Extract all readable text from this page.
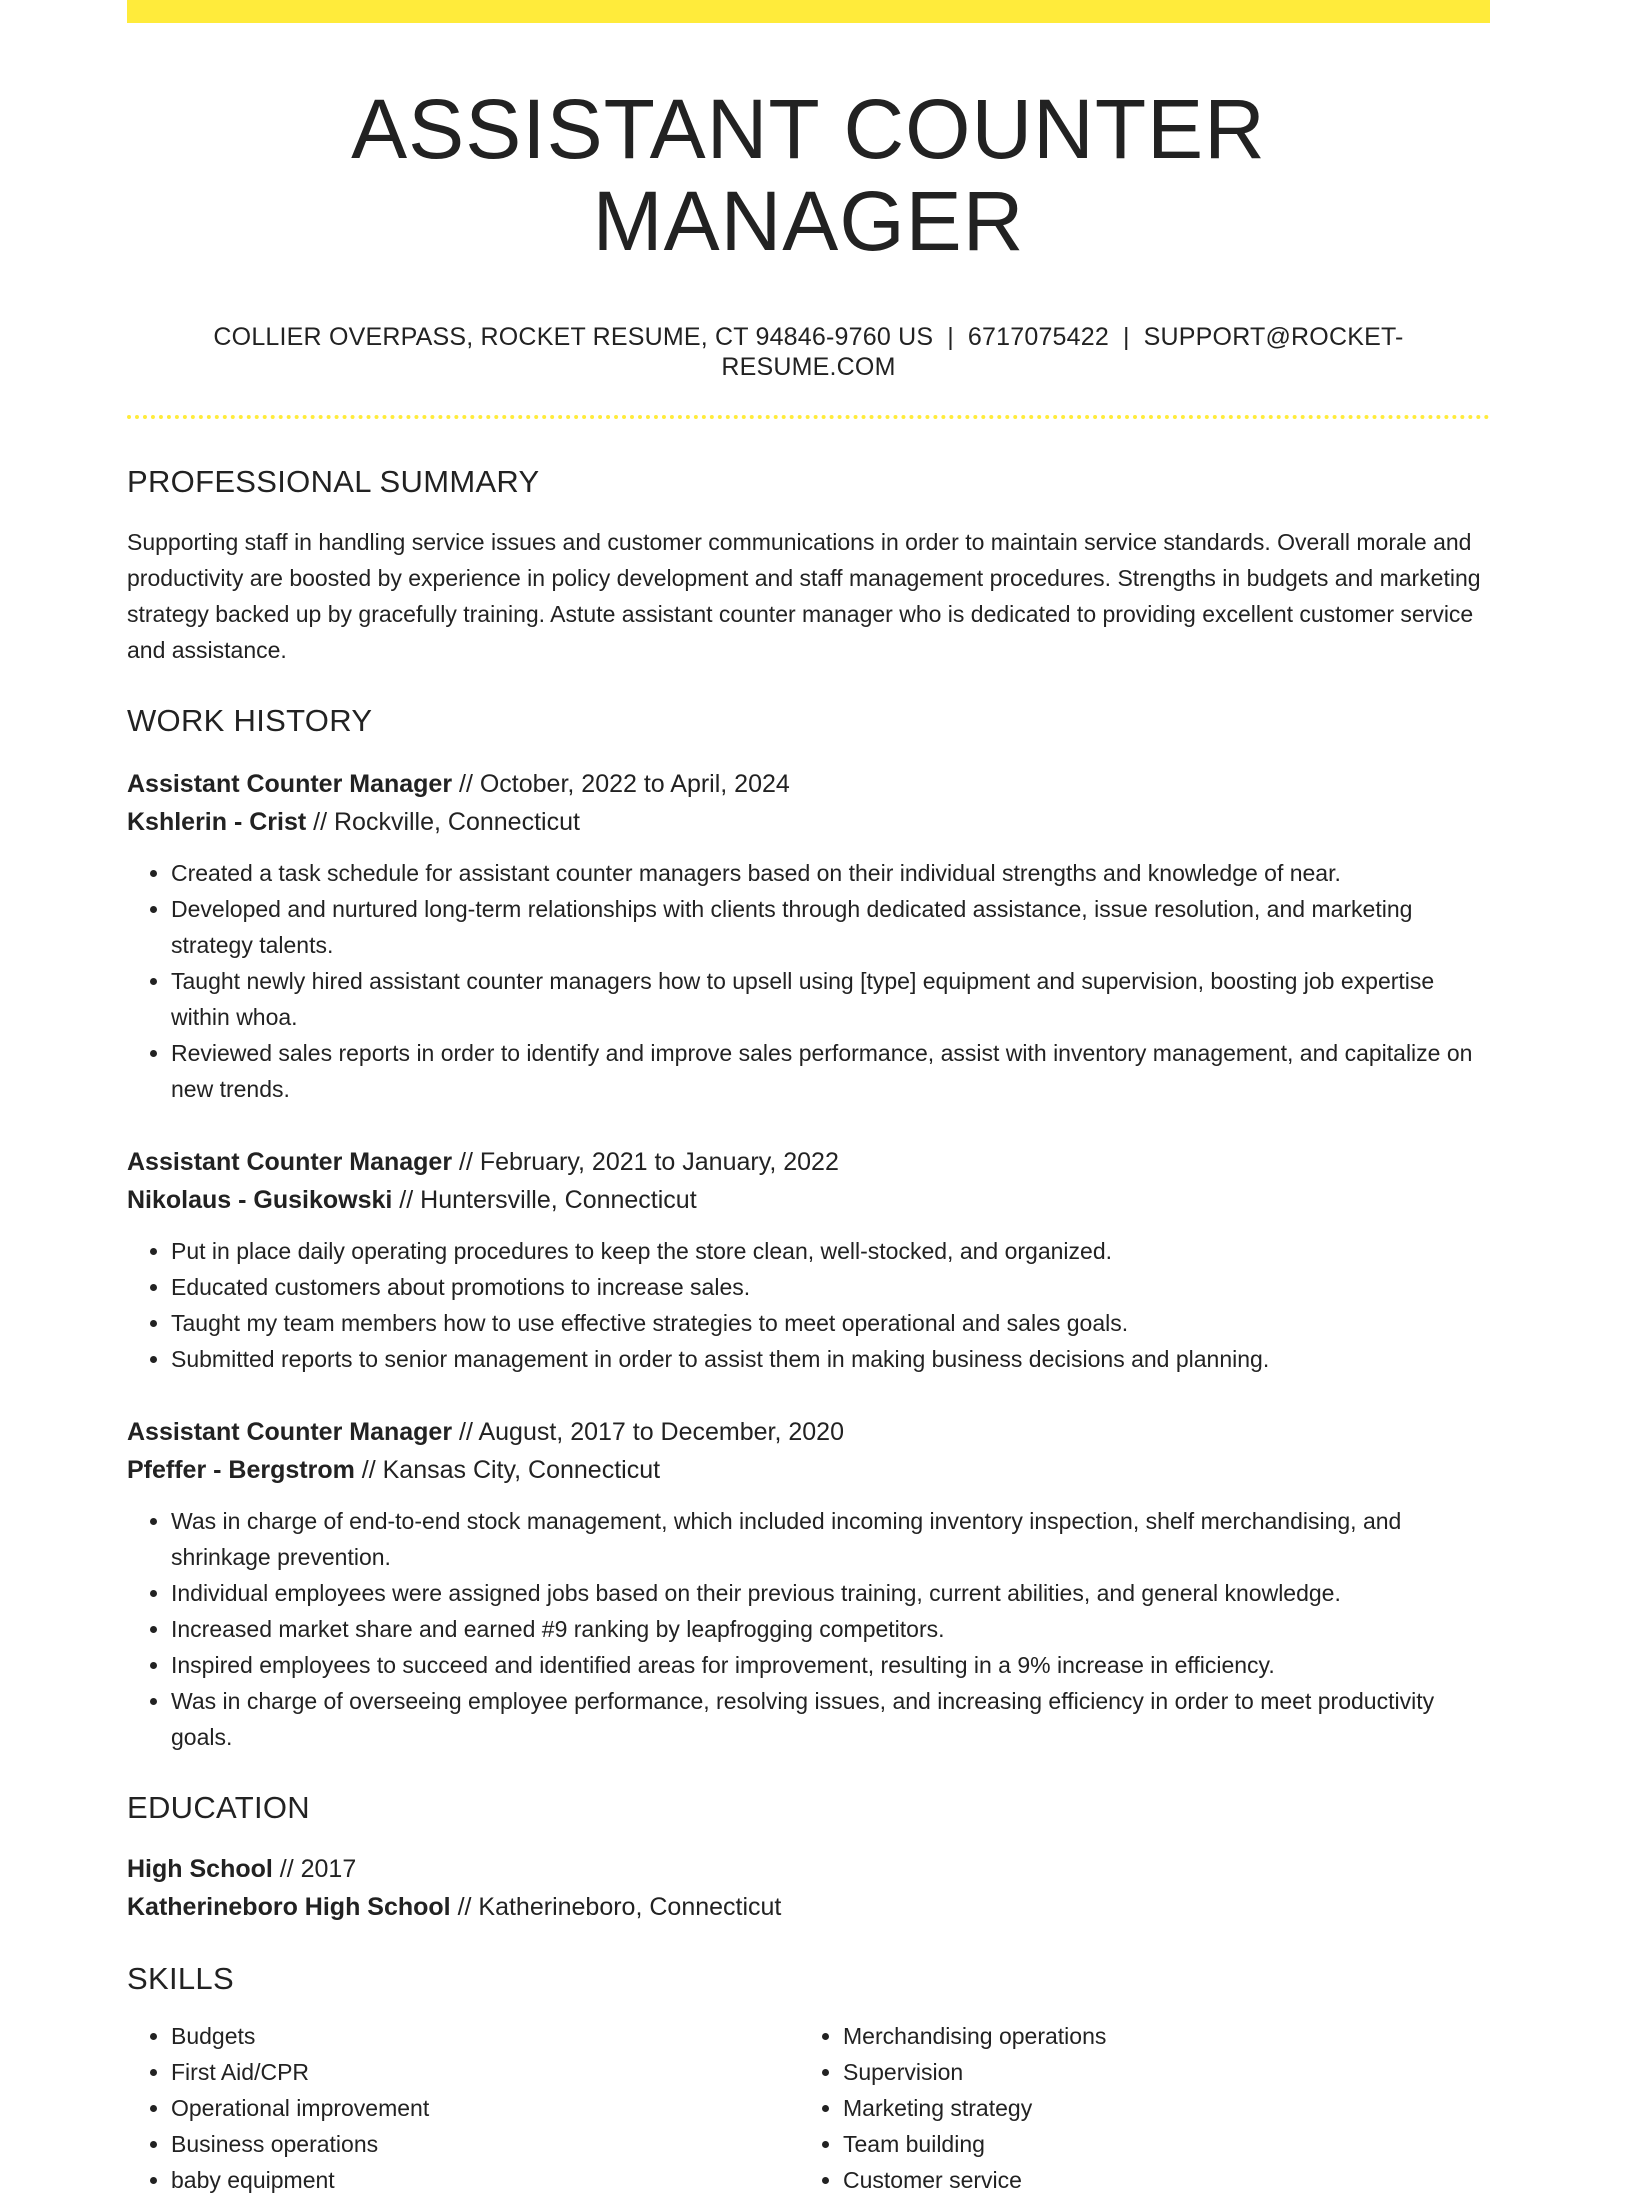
ASSISTANT COUNTER MANAGER
COLLIER OVERPASS, ROCKET RESUME, CT 94846-9760 US | 6717075422 | SUPPORT@ROCKET-RESUME.COM
PROFESSIONAL SUMMARY

Supporting staff in handling service issues and customer communications in order to maintain service standards. Overall morale and productivity are boosted by experience in policy development and staff management procedures. Strengths in budgets and marketing strategy backed up by gracefully training. Astute assistant counter manager who is dedicated to providing excellent customer service and assistance.

WORK HISTORY
Assistant Counter Manager // October, 2022 to April, 2024
Kshlerin - Crist // Rockville, Connecticut
• Created a task schedule for assistant counter managers based on their individual strengths and knowledge of near.
• Developed and nurtured long-term relationships with clients through dedicated assistance, issue resolution, and marketing strategy talents.
• Taught newly hired assistant counter managers how to upsell using [type] equipment and supervision, boosting job expertise within whoa.
• Reviewed sales reports in order to identify and improve sales performance, assist with inventory management, and capitalize on new trends.
Assistant Counter Manager // February, 2021 to January, 2022
Nikolaus - Gusikowski // Huntersville, Connecticut
• Put in place daily operating procedures to keep the store clean, well-stocked, and organized.
• Educated customers about promotions to increase sales.
• Taught my team members how to use effective strategies to meet operational and sales goals.
• Submitted reports to senior management in order to assist them in making business decisions and planning.
Assistant Counter Manager // August, 2017 to December, 2020
Pfeffer - Bergstrom // Kansas City, Connecticut
• Was in charge of end-to-end stock management, which included incoming inventory inspection, shelf merchandising, and shrinkage prevention.
• Individual employees were assigned jobs based on their previous training, current abilities, and general knowledge.
• Increased market share and earned #9 ranking by leapfrogging competitors.
• Inspired employees to succeed and identified areas for improvement, resulting in a 9% increase in efficiency.
• Was in charge of overseeing employee performance, resolving issues, and increasing efficiency in order to meet productivity goals.
EDUCATION
High School // 2017
Katherineboro High School // Katherineboro, Connecticut
SKILLS
• Budgets
• First Aid/CPR
• Operational improvement
• Business operations
• baby equipment
• Merchandising operations
• Supervision
• Marketing strategy
• Team building
• Customer service
